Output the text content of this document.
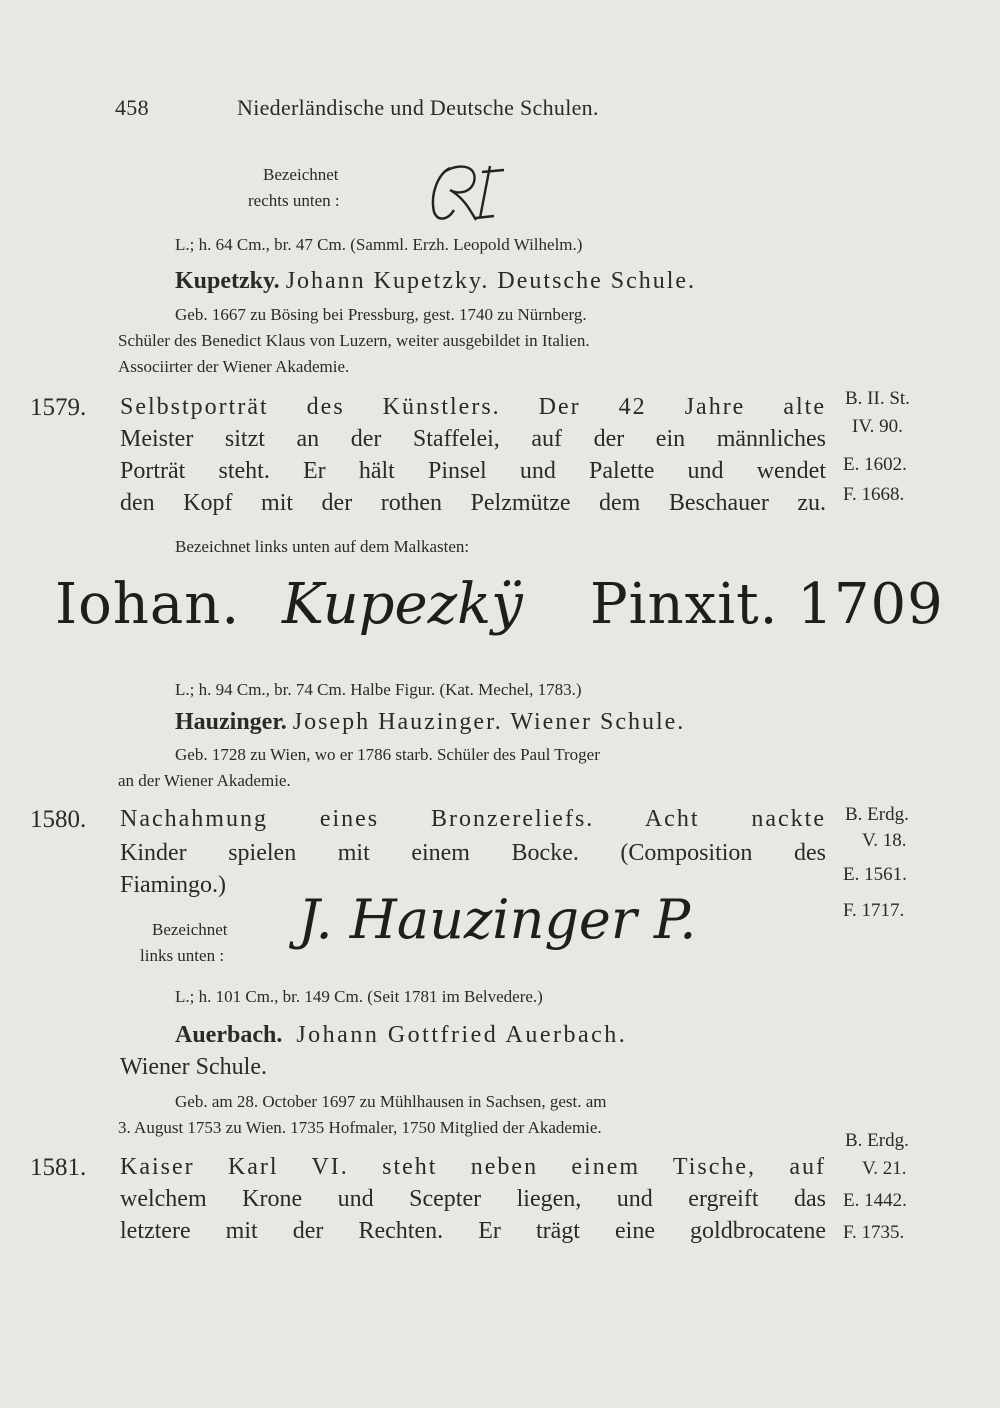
458	Niederländische und Deutsche Schulen.
Bezeichnet
rechts unten :
L.; h. 64 Cm., br. 47 Cm. (Samml. Erzh. Leopold Wilhelm.)
Kupetzky. Johann Kupetzky. Deutsche Schule.
Geb. 1667 zu Bösing bei Pressburg, gest. 1740 zu Nürnberg.
Schüler des Benedict Klaus von Luzern, weiter ausgebildet in Italien.
Associirter der Wiener Akademie.
1579. Selbstporträt des Künstlers. Der 42 Jahre alte
Meister sitzt an der Staffelei, auf der ein männliches
Porträt steht. Er hält Pinsel und Palette und wendet
den Kopf mit der rothen Pelzmütze dem Beschauer zu.
B. II. St.
IV. 90.
E. 1602.
F. 1668.
Bezeichnet links unten auf dem Malkasten:
Iohan. Kupezkÿ Pinxit. 1709
L.; h. 94 Cm., br. 74 Cm. Halbe Figur. (Kat. Mechel, 1783.)
Hauzinger. Joseph Hauzinger. Wiener Schule.
Geb. 1728 zu Wien, wo er 1786 starb. Schüler des Paul Troger
an der Wiener Akademie.
1580. Nachahmung eines Bronzereliefs. Acht nackte
Kinder spielen mit einem Bocke. (Composition des
Fiamingo.)
B. Erdg.
V. 18.
E. 1561.
F. 1717.
Bezeichnet
links unten :
J. Hauzinger P.
L.; h. 101 Cm., br. 149 Cm. (Seit 1781 im Belvedere.)
Auerbach. Johann Gottfried Auerbach.
Wiener Schule.
Geb. am 28. October 1697 zu Mühlhausen in Sachsen, gest. am
3. August 1753 zu Wien. 1735 Hofmaler, 1750 Mitglied der Akademie.
1581. Kaiser Karl VI. steht neben einem Tische, auf
welchem Krone und Scepter liegen, und ergreift das
letztere mit der Rechten. Er trägt eine goldbrocatene
B. Erdg.
V. 21.
E. 1442.
F. 1735.
